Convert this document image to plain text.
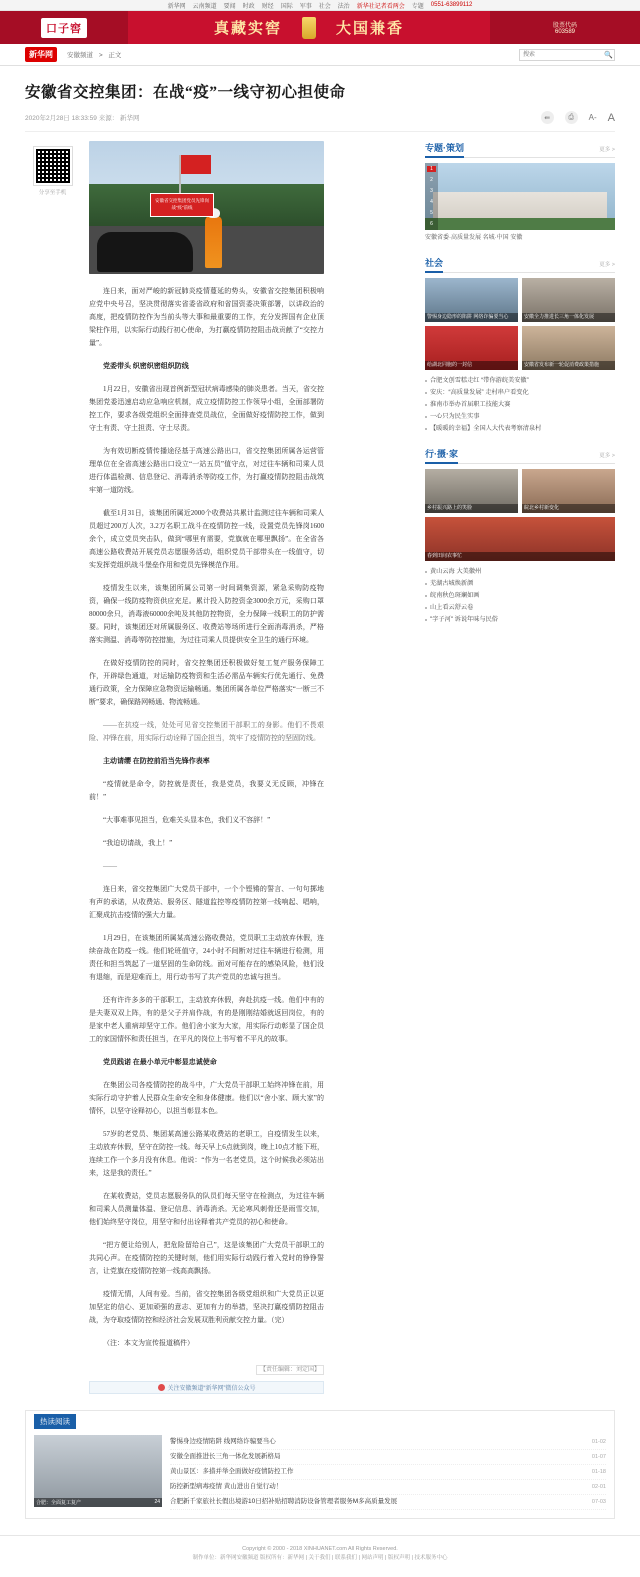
新华网 云南频道 要闻 时政 财经 国际 军事 社会 法治 新华社记者看两会 专题 0551-63899112
口子窖	真藏实窖	大国兼香	股票代码
603589
新华网	安徽频道 > 正文
搜索	🔍
安徽省交控集团：在战“疫”一线守初心担使命
2020年2月28日 18:33:59 来源： 新华网	⇚	⎙	A- A
分享至手机
安徽省交控集团党员先锋岗 战“疫”前线

连日来，面对严峻的新冠肺炎疫情蔓延的势头，安徽省交控集团积极响应党中央号召，坚决贯彻落实省委省政府和省国资委决策部署，以讲政治的高度，把疫情防控作为当前头等大事和最重要的工作，充分发挥国有企业顶梁柱作用，以实际行动践行初心使命，为打赢疫情防控阻击战贡献了“交控力量”。

党委带头 织密织密组织防线

1月22日，安徽省出现首例新型冠状病毒感染的肺炎患者。当天，省交控集团党委迅速启动应急响应机制，成立疫情防控工作领导小组，全面部署防控工作，要求各级党组织全面排查党员战位，全面做好疫情防控工作，做到守土有责、守土担责、守土尽责。

为有效切断疫情传播途径基于高速公路出口，省交控集团所属各运营管理单位在全省高速公路出口设立“一站五员”值守点，对过往车辆和司乘人员进行体温检测、信息登记、消毒消杀等防疫工作，为打赢疫情防控阻击战筑牢第一道防线。

截至1月31日，该集团所属近2000个收费站共累计监测过往车辆和司乘人员超过200万人次，3.2万名职工战斗在疫情防控一线，设置党员先锋岗1600余个，成立党员突击队，做到“哪里有需要，党旗就在哪里飘扬”。在全省各高速公路收费站开展党员志愿服务活动，组织党员干部带头在一线值守，切实发挥党组织战斗堡垒作用和党员先锋模范作用。

疫情发生以来，该集团所属公司第一时间调集资源，紧急采购防疫物资，确保一线防疫物资供应充足。累计投入防控资金3000余万元，采购口罩80000余只，消毒液60000余吨及其他防控物资，全力保障一线职工的防护需要。同时，该集团还对所属服务区、收费站等场所进行全面消毒消杀，严格落实测温、消毒等防控措施，为过往司乘人员提供安全卫生的通行环境。

在做好疫情防控的同时，省交控集团还积极做好复工复产服务保障工作，开辟绿色通道，对运输防疫物资和生活必需品车辆实行优先通行、免费通行政策，全力保障应急物资运输畅通。集团所属各单位严格落实“一断三不断”要求，确保路网畅通、物流畅通。

——在抗疫一线，处处可见省交控集团干部职工的身影。他们不畏艰险、冲锋在前，用实际行动诠释了国企担当，筑牢了疫情防控的坚固防线。

主动请缨 在防控前沿当先锋作表率

“疫情就是命令，防控就是责任，我是党员，我要义无反顾，冲锋在前！”

“大事难事见担当，危难关头显本色，我们义不容辞！”

“我迫切请战，我上！”

——

连日来，省交控集团广大党员干部中，一个个铿锵的誓言、一句句掷地有声的承诺，从收费站、服务区、隧道监控等疫情防控第一线响起、唱响，汇聚成抗击疫情的强大力量。

1月29日，在该集团所属某高速公路收费站，党员职工主动放弃休假，连续奋战在防疫一线。他们轮班值守，24小时不间断对过往车辆进行检测，用责任和担当筑起了一道坚固的生命防线。面对可能存在的感染风险，他们没有退缩，而是迎难而上，用行动书写了共产党员的忠诚与担当。

还有许许多多的干部职工，主动放弃休假，奔赴抗疫一线。他们中有的是夫妻双双上阵，有的是父子并肩作战，有的是刚刚结婚就返回岗位，有的是家中老人重病却坚守工作。他们舍小家为大家，用实际行动彰显了国企员工的家国情怀和责任担当，在平凡的岗位上书写着不平凡的故事。

党员践诺 在最小单元中彰显忠诚使命

在集团公司各疫情防控的战斗中，广大党员干部职工始终冲锋在前，用实际行动守护着人民群众生命安全和身体健康。他们以“舍小家、顾大家”的情怀，以坚守诠释初心，以担当彰显本色。

57岁的老党员、集团某高速公路某收费站的老职工，自疫情发生以来，主动放弃休假，坚守在防控一线。每天早上6点就到岗，晚上10点才能下班，连续工作一个多月没有休息。他说：“作为一名老党员，这个时候我必须站出来，这是我的责任。”

在某收费站，党员志愿服务队的队员们每天坚守在检测点，为过往车辆和司乘人员测量体温、登记信息、消毒消杀。无论寒风刺骨还是雨雪交加，他们始终坚守岗位，用坚守和付出诠释着共产党员的初心和使命。

“把方便让给别人，把危险留给自己”，这是该集团广大党员干部职工的共同心声。在疫情防控的关键时刻，他们用实际行动践行着入党时的铮铮誓言，让党旗在疫情防控第一线高高飘扬。

疫情无情，人间有爱。当前，省交控集团各级党组织和广大党员正以更加坚定的信心、更加顽强的意志、更加有力的举措，坚决打赢疫情防控阻击战，为夺取疫情防控和经济社会发展双胜利贡献交控力量。（完）

（注：本文为宣传报道稿件）

【责任编辑：刘定国】
关注安徽频道“新华网”微信公众号
专题·策划	更多 >
1
2
3
4
5
6
安徽省委·高质量发展 名城·中国 安徽
社会	更多 >
警惕身边隐形的陷阱 网络诈骗要当心	安徽全力推进长三角一体化发展
给湖北同胞的一封信	安徽省发布新一轮促消费政策措施
合肥文创雪糕走红 “带你游皖美安徽”
安庆：“高质量发展” 走村串户看变化
淮南市举办首届职工技能大赛
一心只为民生实事
【暖暖的幸福】全国人大代表考察清泉村
行·摄·家	更多 >
乡村振兴路上的笑脸	皖北乡村新变化
春到田间农事忙
黄山云海 大美徽州
芜湖古城焕新颜
皖南秋色斑斓如画
山上看云舒云卷
"字子河" 诉说年味与民俗
热读阅读
合肥：全面复工复产	24
警惕身边疫情陷阱 线网络诈骗要当心	01-02
安徽全面推进长三角一体化发展新格局	01-07
黄山景区：多措并举全面做好疫情防控工作	01-18
防控新型病毒疫情 黄山进出自觉行动！	02-01
合肥新千家旅社长假出境游10日招补贴招聘消防设备管理者服务M多高质量发展	07-03
Copyright © 2000 - 2018 XINHUANET.com All Rights Reserved.
制作单位：新华网安徽频道 版权所有：新华网 | 关于我们 | 联系我们 | 网站声明 | 版权声明 | 技术服务中心
